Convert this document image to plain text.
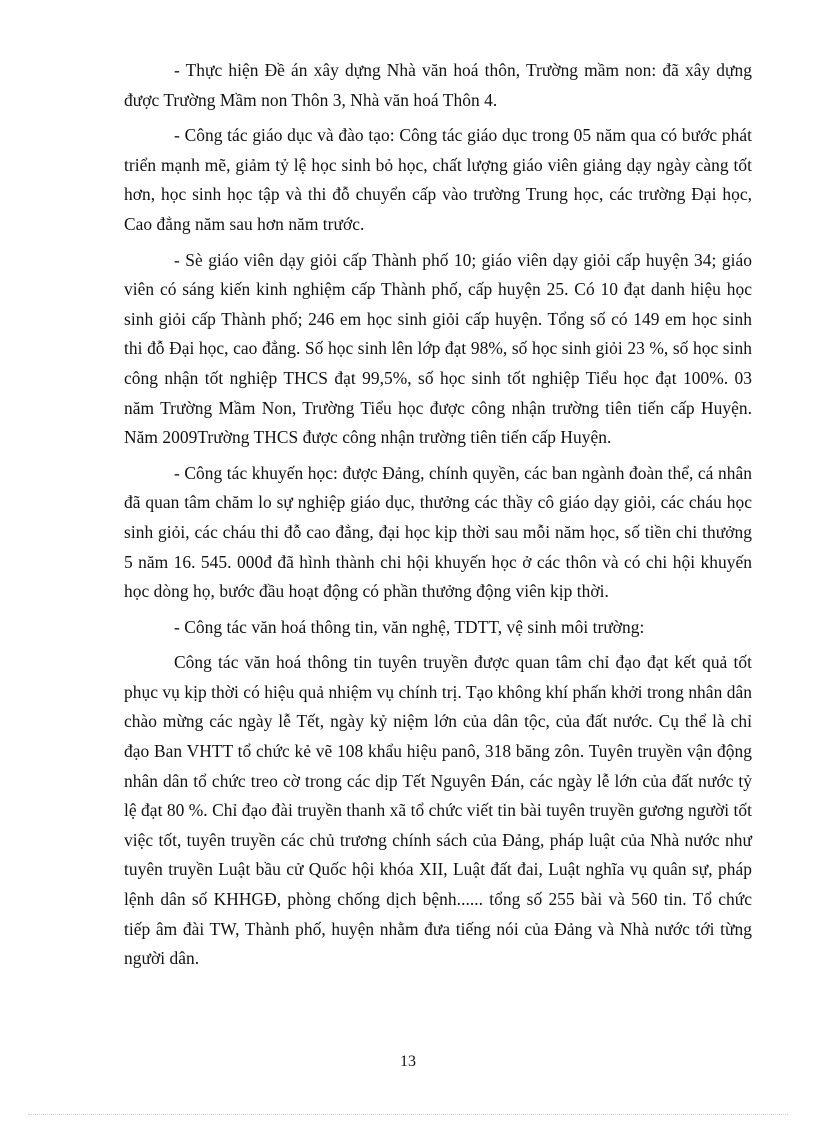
- Thực hiện Đề án xây dựng Nhà văn hoá thôn, Trường mầm non: đã xây dựng được Trường Mầm non Thôn 3, Nhà văn hoá Thôn 4.

- Công tác giáo dục và đào tạo: Công tác giáo dục trong 05 năm qua có bước phát triển mạnh mẽ, giảm tỷ lệ học sinh bỏ học, chất lượng giáo viên giảng dạy ngày càng tốt hơn, học sinh học tập và thi đỗ chuyển cấp vào trường Trung học, các trường Đại học, Cao đẳng năm sau hơn năm trước.

- Sè giáo viên dạy giỏi cấp Thành phố 10; giáo viên dạy giỏi cấp huyện 34; giáo viên có sáng kiến kinh nghiệm cấp Thành phố, cấp huyện 25. Có 10 đạt danh hiệu học sinh giỏi cấp Thành phố; 246 em học sinh giỏi cấp huyện. Tổng số có 149 em học sinh thi đỗ Đại học, cao đẳng. Số học sinh lên lớp đạt 98%, số học sinh giỏi 23 %, số học sinh công nhận tốt nghiệp THCS đạt 99,5%, số học sinh tốt nghiệp Tiểu học đạt 100%. 03 năm Trường Mầm Non, Trường Tiểu học được công nhận trường tiên tiến cấp Huyện. Năm 2009Trường THCS được công nhận trường tiên tiến cấp Huyện.

- Công tác khuyến học: được Đảng, chính quyền, các ban ngành đoàn thể, cá nhân đã quan tâm chăm lo sự nghiệp giáo dục, thưởng các thầy cô giáo dạy giỏi, các cháu học sinh giỏi, các cháu thi đỗ cao đẳng, đại học kịp thời sau mỗi năm học, số tiền chi thưởng 5 năm 16. 545. 000đ đã hình thành chi hội khuyến học ở các thôn và có chi hội khuyến học dòng họ, bước đầu hoạt động có phần thưởng động viên kịp thời.

- Công tác văn hoá thông tin, văn nghệ, TDTT, vệ sinh môi trường:

Công tác văn hoá thông tin tuyên truyền được quan tâm chỉ đạo đạt kết quả tốt phục vụ kịp thời có hiệu quả nhiệm vụ chính trị. Tạo không khí phấn khởi trong nhân dân chào mừng các ngày lễ Tết, ngày kỷ niệm lớn của dân tộc, của đất nước. Cụ thể là chỉ đạo Ban VHTT tổ chức kẻ vẽ 108 khẩu hiệu panô, 318 băng zôn. Tuyên truyền vận động nhân dân tổ chức treo cờ trong các dịp Tết Nguyên Đán, các ngày lễ lớn của đất nước tỷ lệ đạt 80 %. Chỉ đạo đài truyền thanh xã tổ chức viết tin bài tuyên truyền gương người tốt việc tốt, tuyên truyền các chủ trương chính sách của Đảng, pháp luật của Nhà nước như tuyên truyền Luật bầu cử Quốc hội khóa XII, Luật đất đai, Luật nghĩa vụ quân sự, pháp lệnh dân số KHHGĐ, phòng chống dịch bệnh...... tổng số 255 bài và 560 tin. Tổ chức tiếp âm đài TW, Thành phố, huyện nhằm đưa tiếng nói của Đảng và Nhà nước tới từng người dân.

13
